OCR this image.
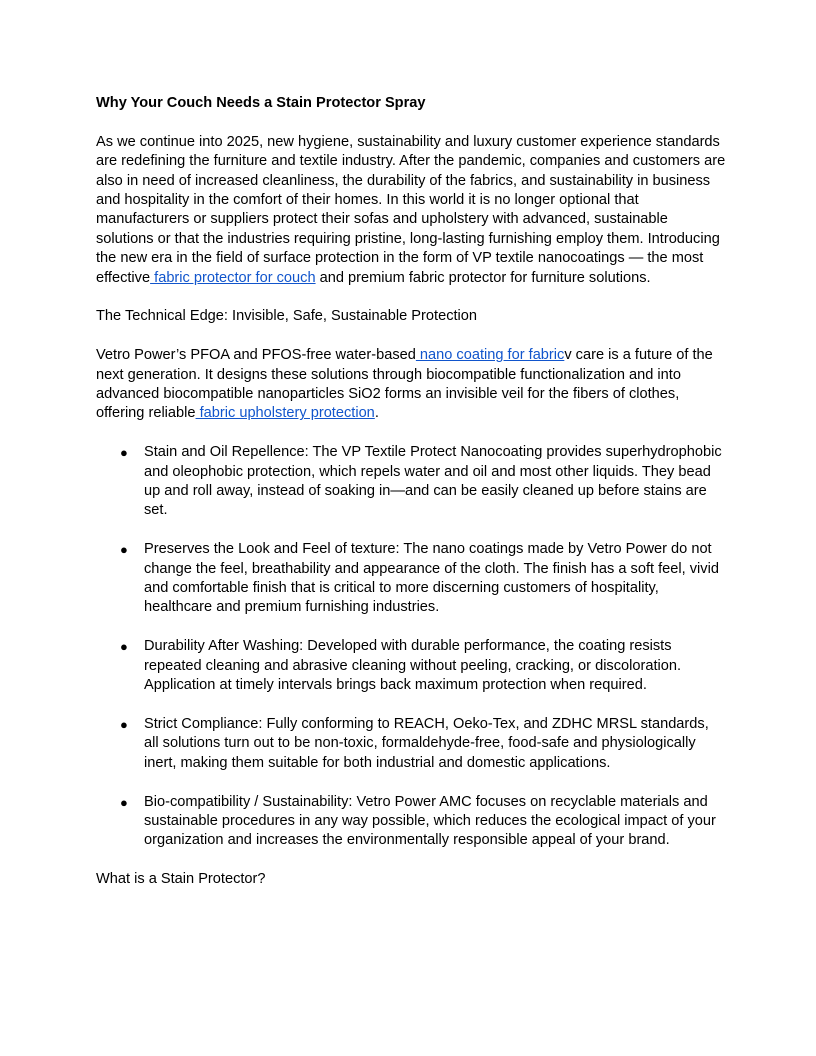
Why Your Couch Needs a Stain Protector Spray

As we continue into 2025, new hygiene, sustainability and luxury customer experience standards are redefining the furniture and textile industry. After the pandemic, companies and customers are also in need of increased cleanliness, the durability of the fabrics, and sustainability in business and hospitality in the comfort of their homes. In this world it is no longer optional that manufacturers or suppliers protect their sofas and upholstery with advanced, sustainable solutions or that the industries requiring pristine, long-lasting furnishing employ them. Introducing the new era in the field of surface protection in the form of VP textile nanocoatings — the most effective fabric protector for couch and premium fabric protector for furniture solutions.

The Technical Edge: Invisible, Safe, Sustainable Protection

Vetro Power’s PFOA and PFOS-free water-based nano coating for fabricv care is a future of the next generation. It designs these solutions through biocompatible functionalization and into advanced biocompatible nanoparticles SiO2 forms an invisible veil for the fibers of clothes, offering reliable fabric upholstery protection.

● Stain and Oil Repellence: The VP Textile Protect Nanocoating provides superhydrophobic and oleophobic protection, which repels water and oil and most other liquids. They bead up and roll away, instead of soaking in—and can be easily cleaned up before stains are set.
● Preserves the Look and Feel of texture: The nano coatings made by Vetro Power do not change the feel, breathability and appearance of the cloth. The finish has a soft feel, vivid and comfortable finish that is critical to more discerning customers of hospitality, healthcare and premium furnishing industries.
● Durability After Washing: Developed with durable performance, the coating resists repeated cleaning and abrasive cleaning without peeling, cracking, or discoloration. Application at timely intervals brings back maximum protection when required.
● Strict Compliance: Fully conforming to REACH, Oeko-Tex, and ZDHC MRSL standards, all solutions turn out to be non-toxic, formaldehyde-free, food-safe and physiologically inert, making them suitable for both industrial and domestic applications.
● Bio-compatibility / Sustainability: Vetro Power AMC focuses on recyclable materials and sustainable procedures in any way possible, which reduces the ecological impact of your organization and increases the environmentally responsible appeal of your brand.

What is a Stain Protector?
